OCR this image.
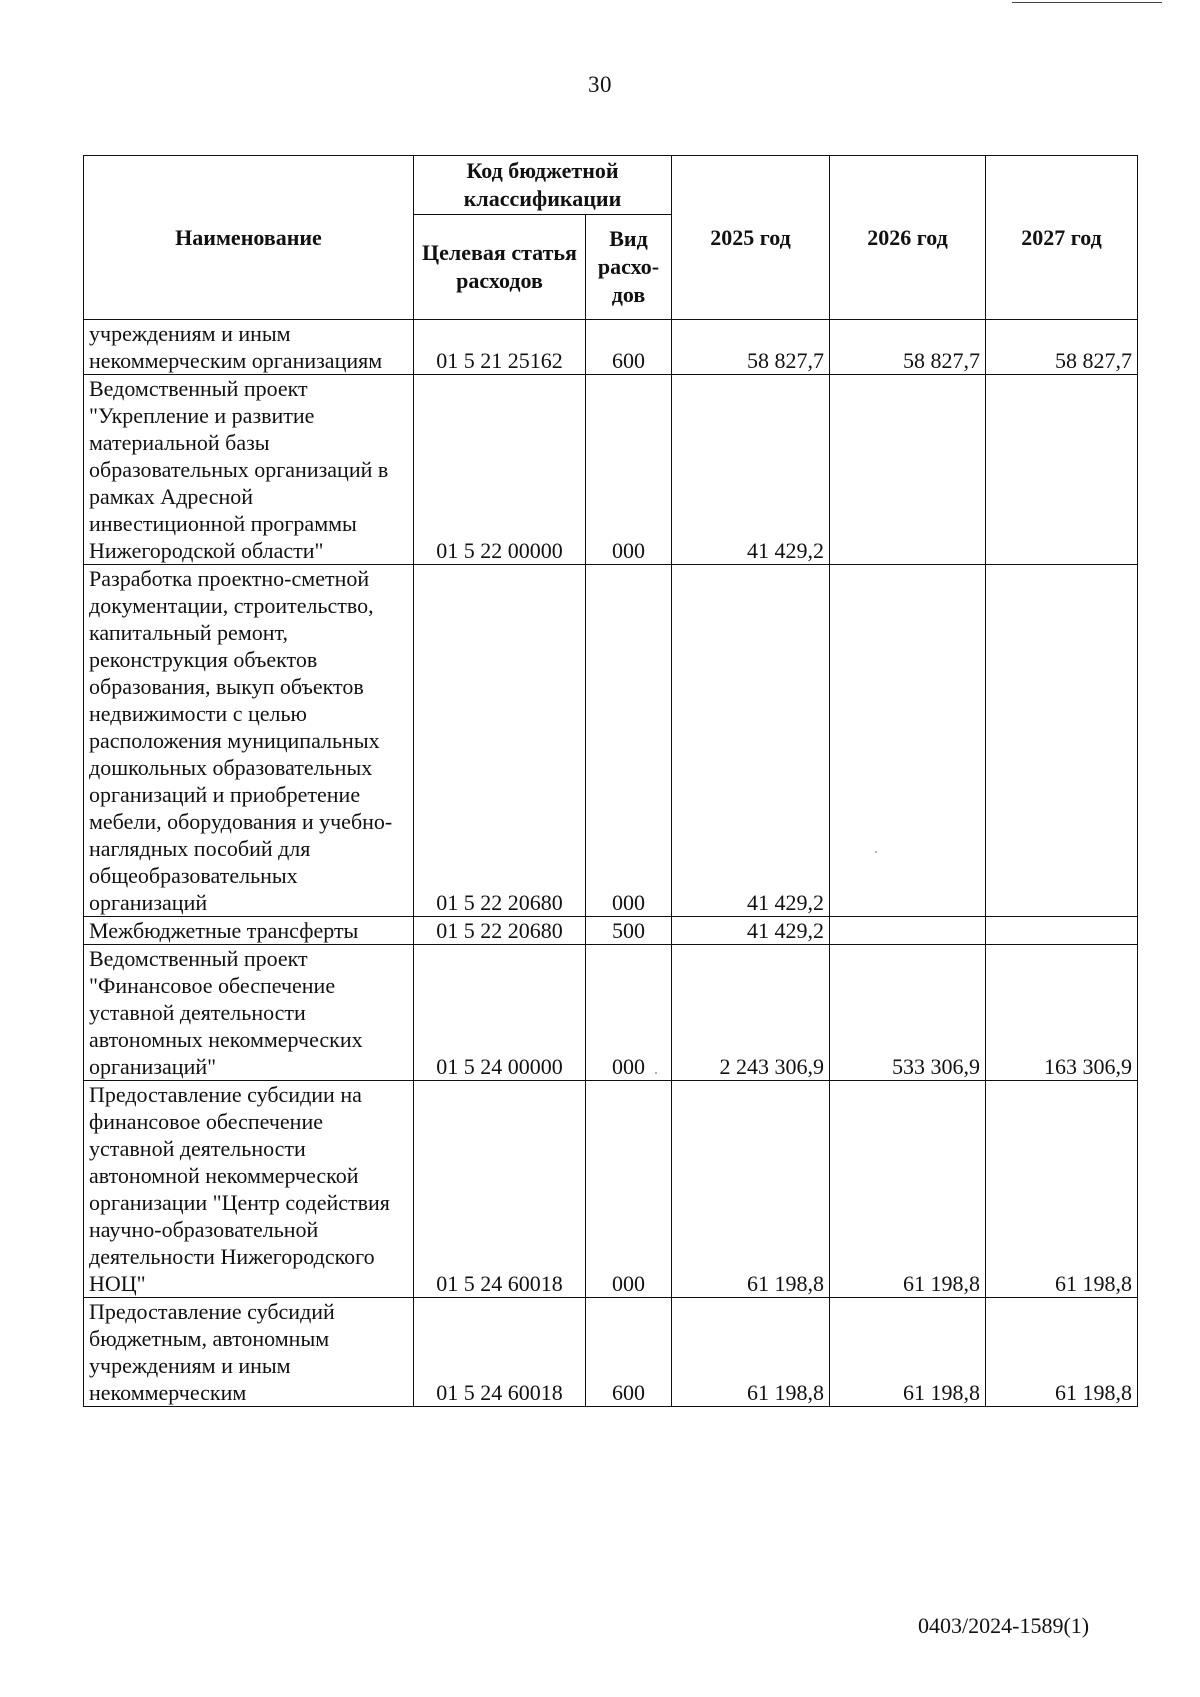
30
Наименование	Код бюджетной классификации		2025 год	2026 год	2027 год
	Целевая статья расходов	Вид расхо-дов			
учреждениям и иным некоммерческим организациям	01 5 21 25162	600	58 827,7	58 827,7	58 827,7
Ведомственный проект "Укрепление и развитие материальной базы образовательных организаций в рамках Адресной инвестиционной программы Нижегородской области"	01 5 22 00000	000	41 429,2		
Разработка проектно-сметной документации, строительство, капитальный ремонт, реконструкция объектов образования, выкуп объектов недвижимости с целью расположения муниципальных дошкольных образовательных организаций и приобретение мебели, оборудования и учебно-наглядных пособий для общеобразовательных организаций	01 5 22 20680	000	41 429,2		
Межбюджетные трансферты	01 5 22 20680	500	41 429,2		
Ведомственный проект "Финансовое обеспечение уставной деятельности автономных некоммерческих организаций"	01 5 24 00000	000	2 243 306,9	533 306,9	163 306,9
Предоставление субсидии на финансовое обеспечение уставной деятельности автономной некоммерческой организации "Центр содействия научно-образовательной деятельности Нижегородского НОЦ"	01 5 24 60018	000	61 198,8	61 198,8	61 198,8
Предоставление субсидий бюджетным, автономным учреждениям и иным некоммерческим	01 5 24 60018	600	61 198,8	61 198,8	61 198,8
0403/2024-1589(1)
